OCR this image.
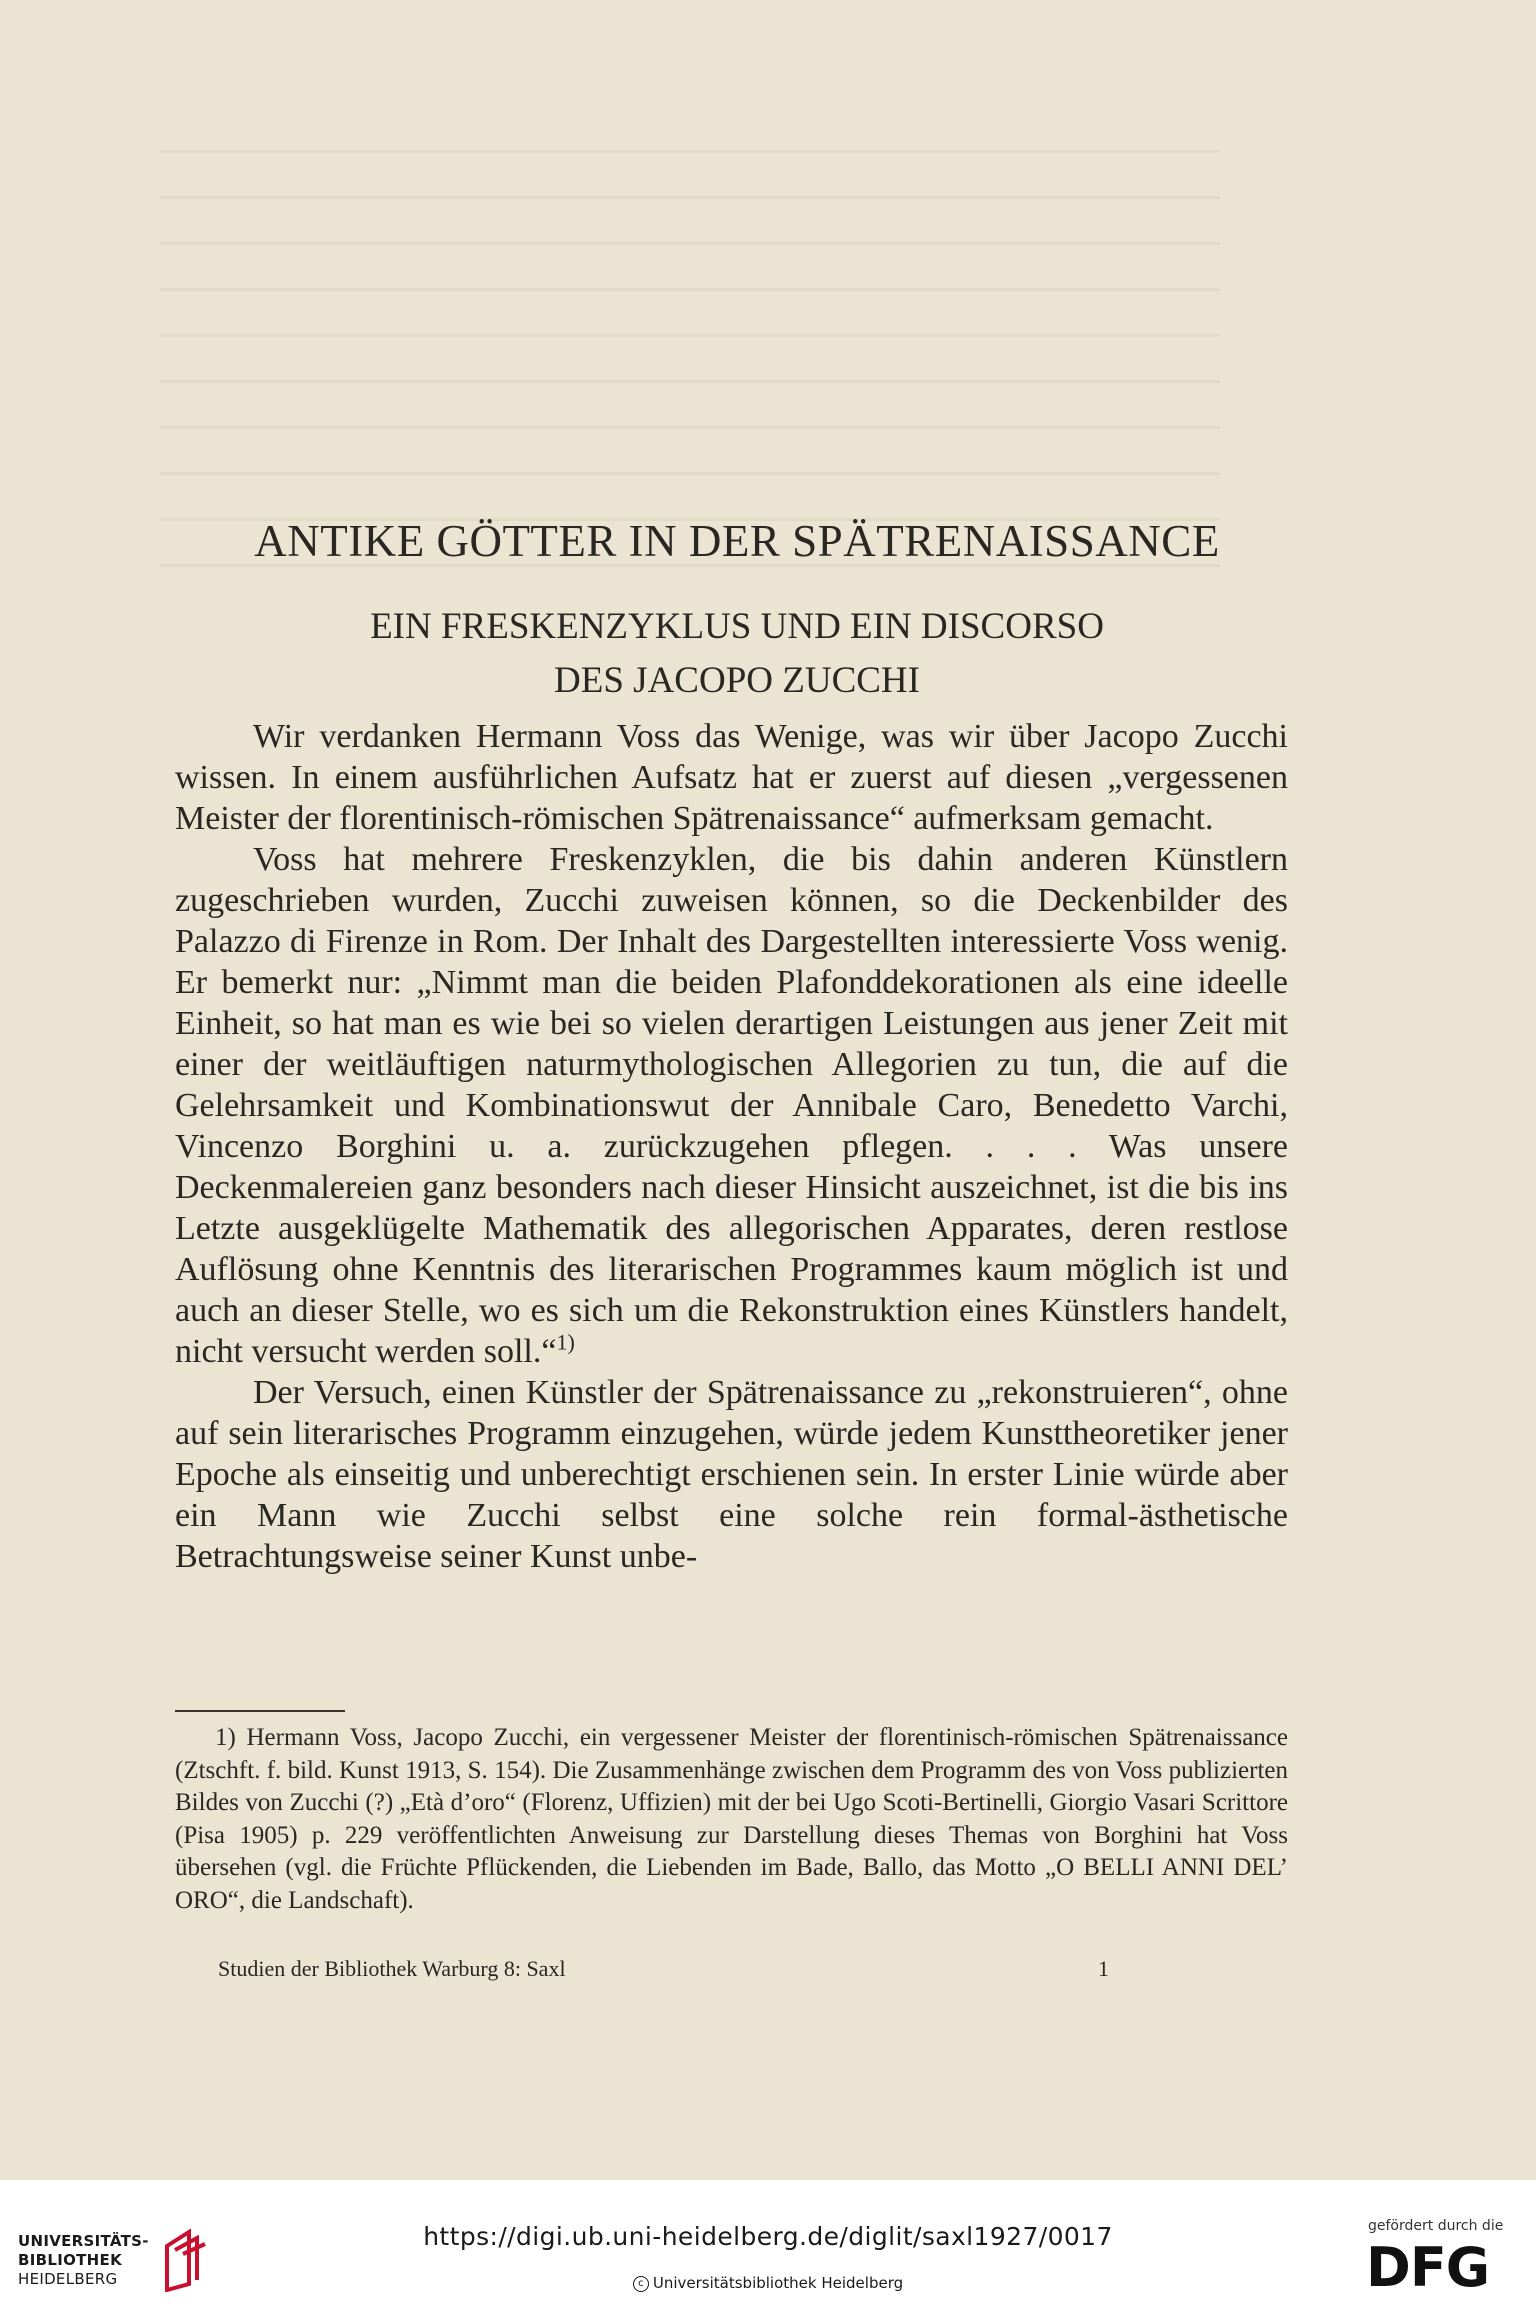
ANTIKE GÖTTER IN DER SPÄTRENAISSANCE
EIN FRESKENZYKLUS UND EIN DISCORSO
DES JACOPO ZUCCHI

Wir verdanken Hermann Voss das Wenige, was wir über Jacopo Zucchi wissen. In einem ausführlichen Aufsatz hat er zuerst auf diesen „vergessenen Meister der florentinisch-römischen Spätrenaissance“ aufmerksam gemacht.

Voss hat mehrere Freskenzyklen, die bis dahin anderen Künstlern zugeschrieben wurden, Zucchi zuweisen können, so die Deckenbilder des Palazzo di Firenze in Rom. Der Inhalt des Dargestellten interessierte Voss wenig. Er bemerkt nur: „Nimmt man die beiden Plafonddekorationen als eine ideelle Einheit, so hat man es wie bei so vielen derartigen Leistungen aus jener Zeit mit einer der weitläuftigen naturmythologischen Allegorien zu tun, die auf die Gelehrsamkeit und Kombinationswut der Annibale Caro, Benedetto Varchi, Vincenzo Borghini u. a. zurückzugehen pflegen. . . . Was unsere Deckenmalereien ganz besonders nach dieser Hinsicht auszeichnet, ist die bis ins Letzte ausgeklügelte Mathematik des allegorischen Apparates, deren restlose Auflösung ohne Kenntnis des literarischen Programmes kaum möglich ist und auch an dieser Stelle, wo es sich um die Rekonstruktion eines Künstlers handelt, nicht versucht werden soll.“$^{1)}$

Der Versuch, einen Künstler der Spätrenaissance zu „rekonstruieren“, ohne auf sein literarisches Programm einzugehen, würde jedem Kunsttheoretiker jener Epoche als einseitig und unberechtigt erschienen sein. In erster Linie würde aber ein Mann wie Zucchi selbst eine solche rein formal-ästhetische Betrachtungsweise seiner Kunst unbe-

1) Hermann Voss, Jacopo Zucchi, ein vergessener Meister der florentinisch-römischen Spätrenaissance (Ztschft. f. bild. Kunst 1913, S. 154). Die Zusammenhänge zwischen dem Programm des von Voss publizierten Bildes von Zucchi (?) „Età d’oro“ (Florenz, Uffizien) mit der bei Ugo Scoti-Bertinelli, Giorgio Vasari Scrittore (Pisa 1905) p. 229 veröffentlichten Anweisung zur Darstellung dieses Themas von Borghini hat Voss übersehen (vgl. die Früchte Pflückenden, die Liebenden im Bade, Ballo, das Motto „O BELLI ANNI DEL’ ORO“, die Landschaft).

Studien der Bibliothek Warburg 8: Saxl	1
UNIVERSITÄTS-
BIBLIOTHEK
HEIDELBERG
https://digi.ub.uni-heidelberg.de/diglit/saxl1927/0017
c Universitätsbibliothek Heidelberg
gefördert durch die
DFG
